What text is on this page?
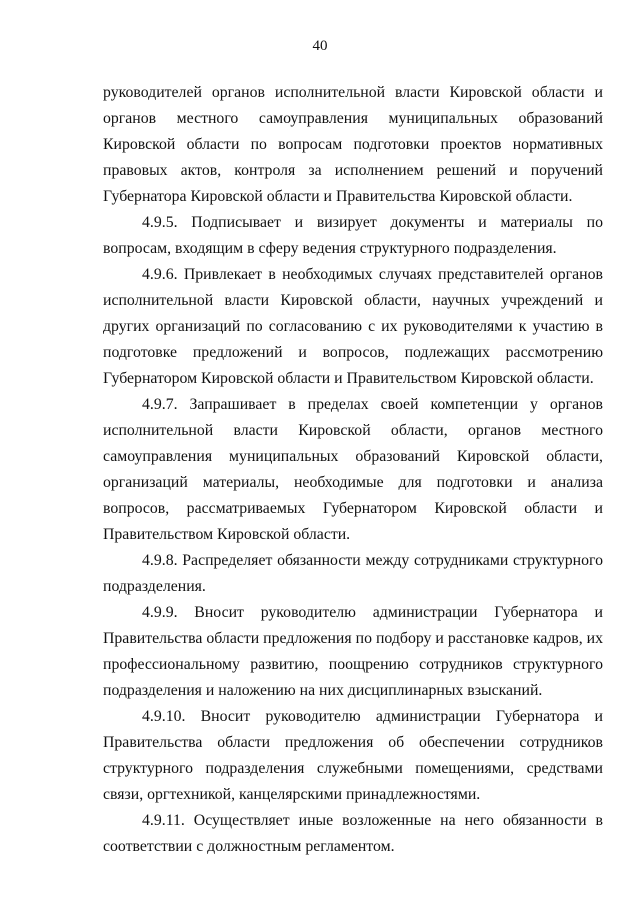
40

руководителей органов исполнительной власти Кировской области и органов местного самоуправления муниципальных образований Кировской области по вопросам подготовки проектов нормативных правовых актов, контроля за исполнением решений и поручений Губернатора Кировской области и Правительства Кировской области.

4.9.5. Подписывает и визирует документы и материалы по вопросам, входящим в сферу ведения структурного подразделения.

4.9.6. Привлекает в необходимых случаях представителей органов исполнительной власти Кировской области, научных учреждений и других организаций по согласованию с их руководителями к участию в подготовке предложений и вопросов, подлежащих рассмотрению Губернатором Кировской области и Правительством Кировской области.

4.9.7. Запрашивает в пределах своей компетенции у органов исполнительной власти Кировской области, органов местного самоуправления муниципальных образований Кировской области, организаций материалы, необходимые для подготовки и анализа вопросов, рассматриваемых Губернатором Кировской области и Правительством Кировской области.

4.9.8. Распределяет обязанности между сотрудниками структурного подразделения.

4.9.9. Вносит руководителю администрации Губернатора и Правительства области предложения по подбору и расстановке кадров, их профессиональному развитию, поощрению сотрудников структурного подразделения и наложению на них дисциплинарных взысканий.

4.9.10. Вносит руководителю администрации Губернатора и Правительства области предложения об обеспечении сотрудников структурного подразделения служебными помещениями, средствами связи, оргтехникой, канцелярскими принадлежностями.

4.9.11. Осуществляет иные возложенные на него обязанности в соответствии с должностным регламентом.
